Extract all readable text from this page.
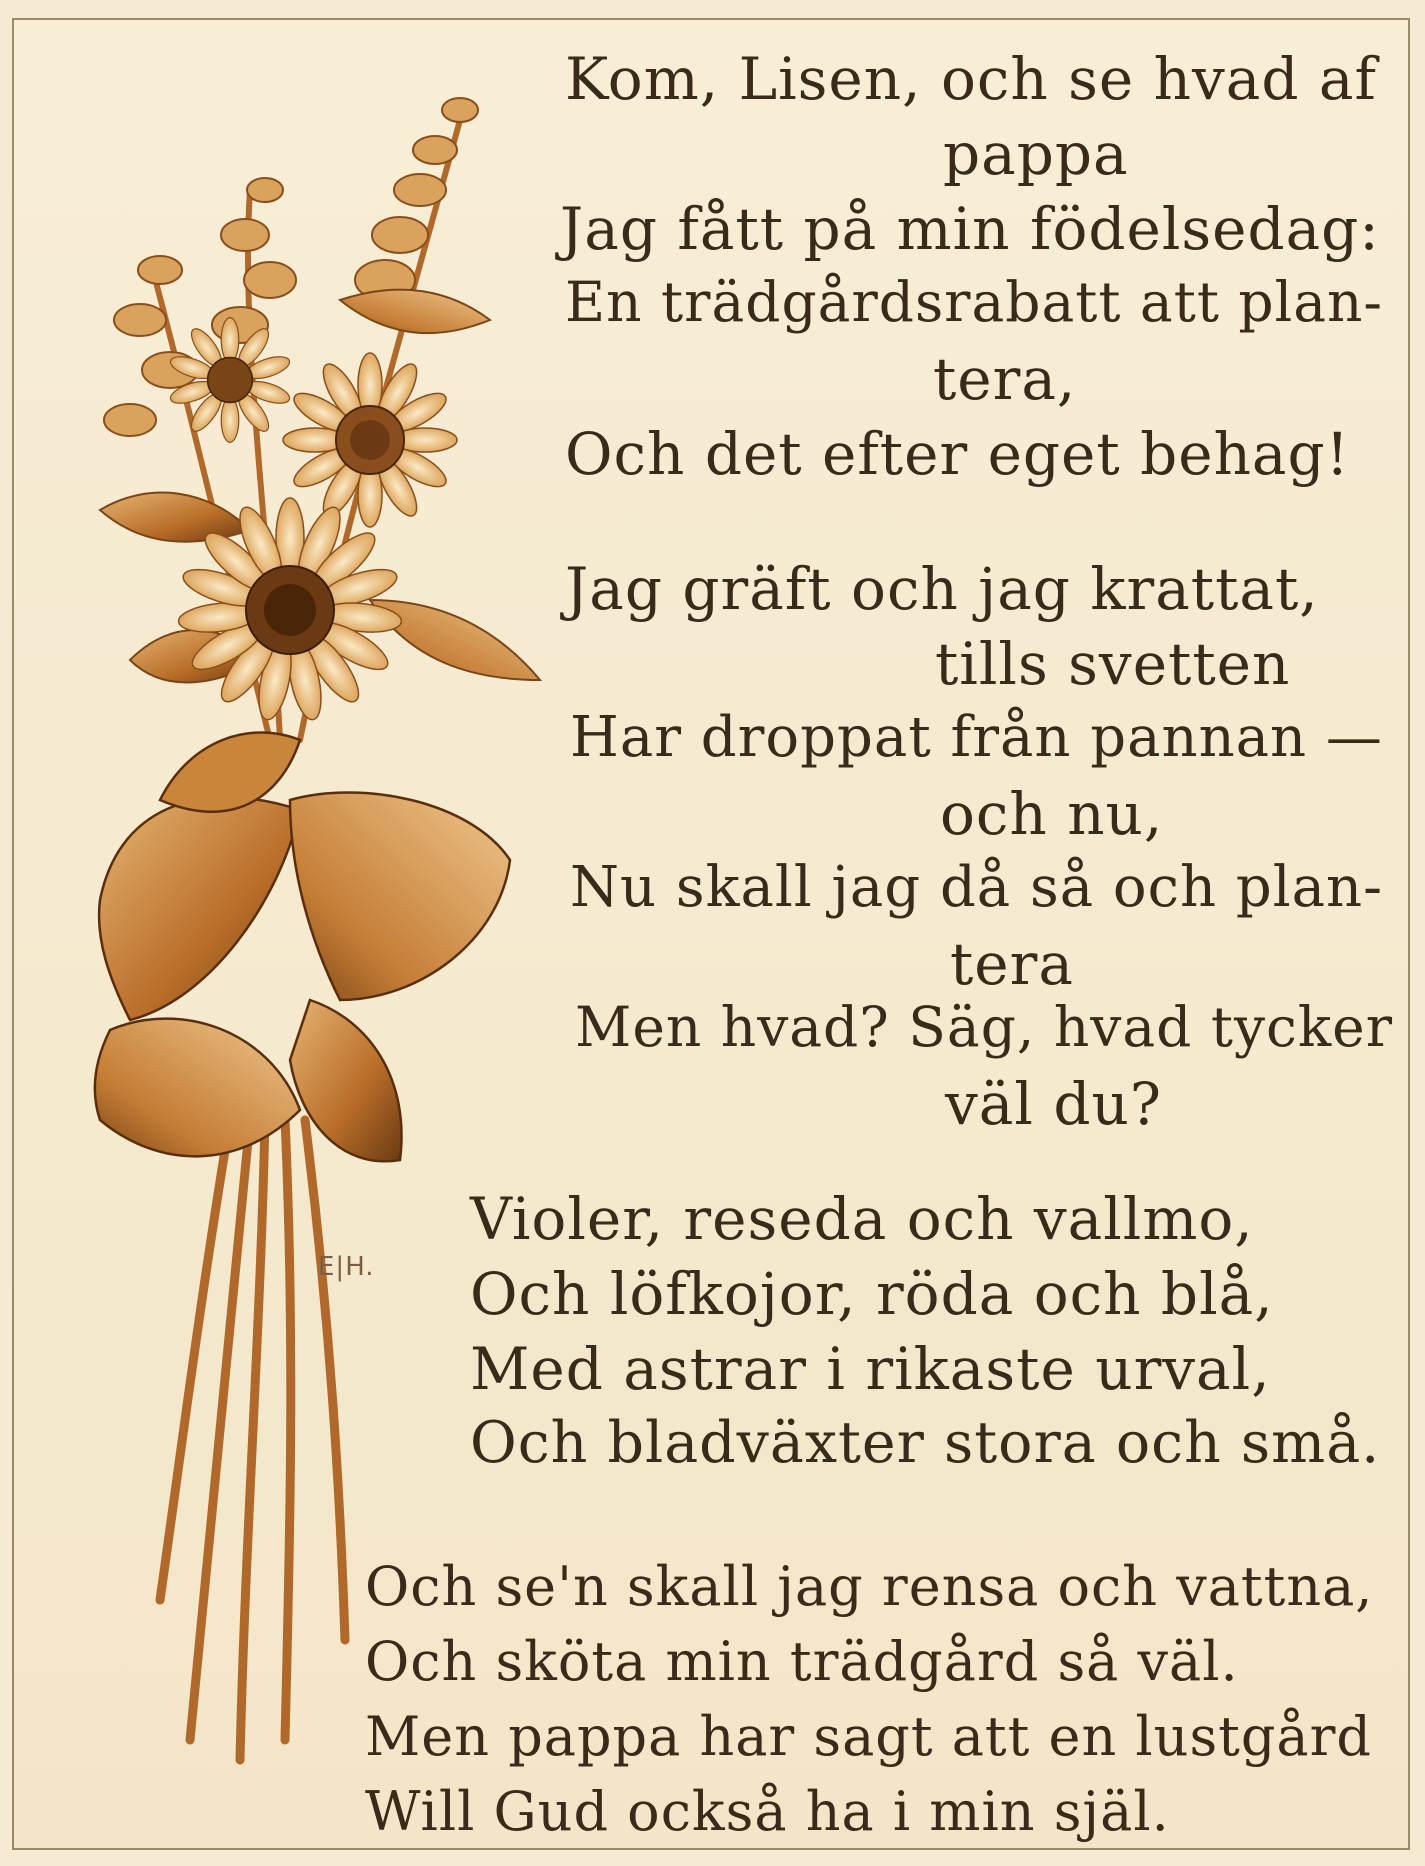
E|H.
Kom, Lisen, och se hvad af
pappa
Jag fått på min födelsedag:
En trädgårdsrabatt att plan-
tera,
Och det efter eget behag!
Jag gräft och jag krattat,
tills svetten
Har droppat från pannan —
och nu,
Nu skall jag då så och plan-
tera
Men hvad? Säg, hvad tycker
väl du?
Violer, reseda och vallmo,
Och löfkojor, röda och blå,
Med astrar i rikaste urval,
Och bladväxter stora och små.
Och se'n skall jag rensa och vattna,
Och sköta min trädgård så väl.
Men pappa har sagt att en lustgård
Will Gud också ha i min själ.
